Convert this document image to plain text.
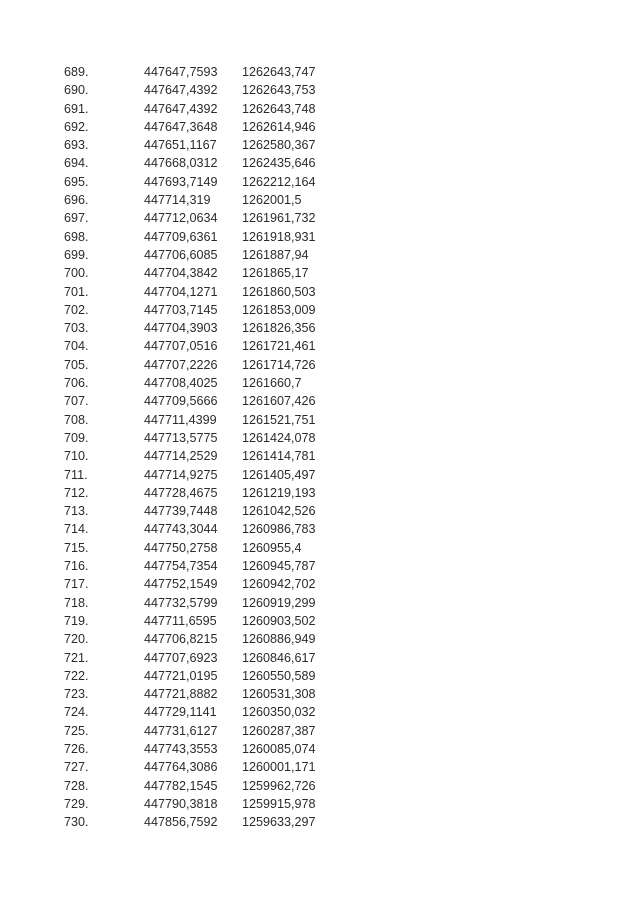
689.	447647,7593	1262643,747
690.	447647,4392	1262643,753
691.	447647,4392	1262643,748
692.	447647,3648	1262614,946
693.	447651,1167	1262580,367
694.	447668,0312	1262435,646
695.	447693,7149	1262212,164
696.	447714,319	1262001,5
697.	447712,0634	1261961,732
698.	447709,6361	1261918,931
699.	447706,6085	1261887,94
700.	447704,3842	1261865,17
701.	447704,1271	1261860,503
702.	447703,7145	1261853,009
703.	447704,3903	1261826,356
704.	447707,0516	1261721,461
705.	447707,2226	1261714,726
706.	447708,4025	1261660,7
707.	447709,5666	1261607,426
708.	447711,4399	1261521,751
709.	447713,5775	1261424,078
710.	447714,2529	1261414,781
711.	447714,9275	1261405,497
712.	447728,4675	1261219,193
713.	447739,7448	1261042,526
714.	447743,3044	1260986,783
715.	447750,2758	1260955,4
716.	447754,7354	1260945,787
717.	447752,1549	1260942,702
718.	447732,5799	1260919,299
719.	447711,6595	1260903,502
720.	447706,8215	1260886,949
721.	447707,6923	1260846,617
722.	447721,0195	1260550,589
723.	447721,8882	1260531,308
724.	447729,1141	1260350,032
725.	447731,6127	1260287,387
726.	447743,3553	1260085,074
727.	447764,3086	1260001,171
728.	447782,1545	1259962,726
729.	447790,3818	1259915,978
730.	447856,7592	1259633,297
